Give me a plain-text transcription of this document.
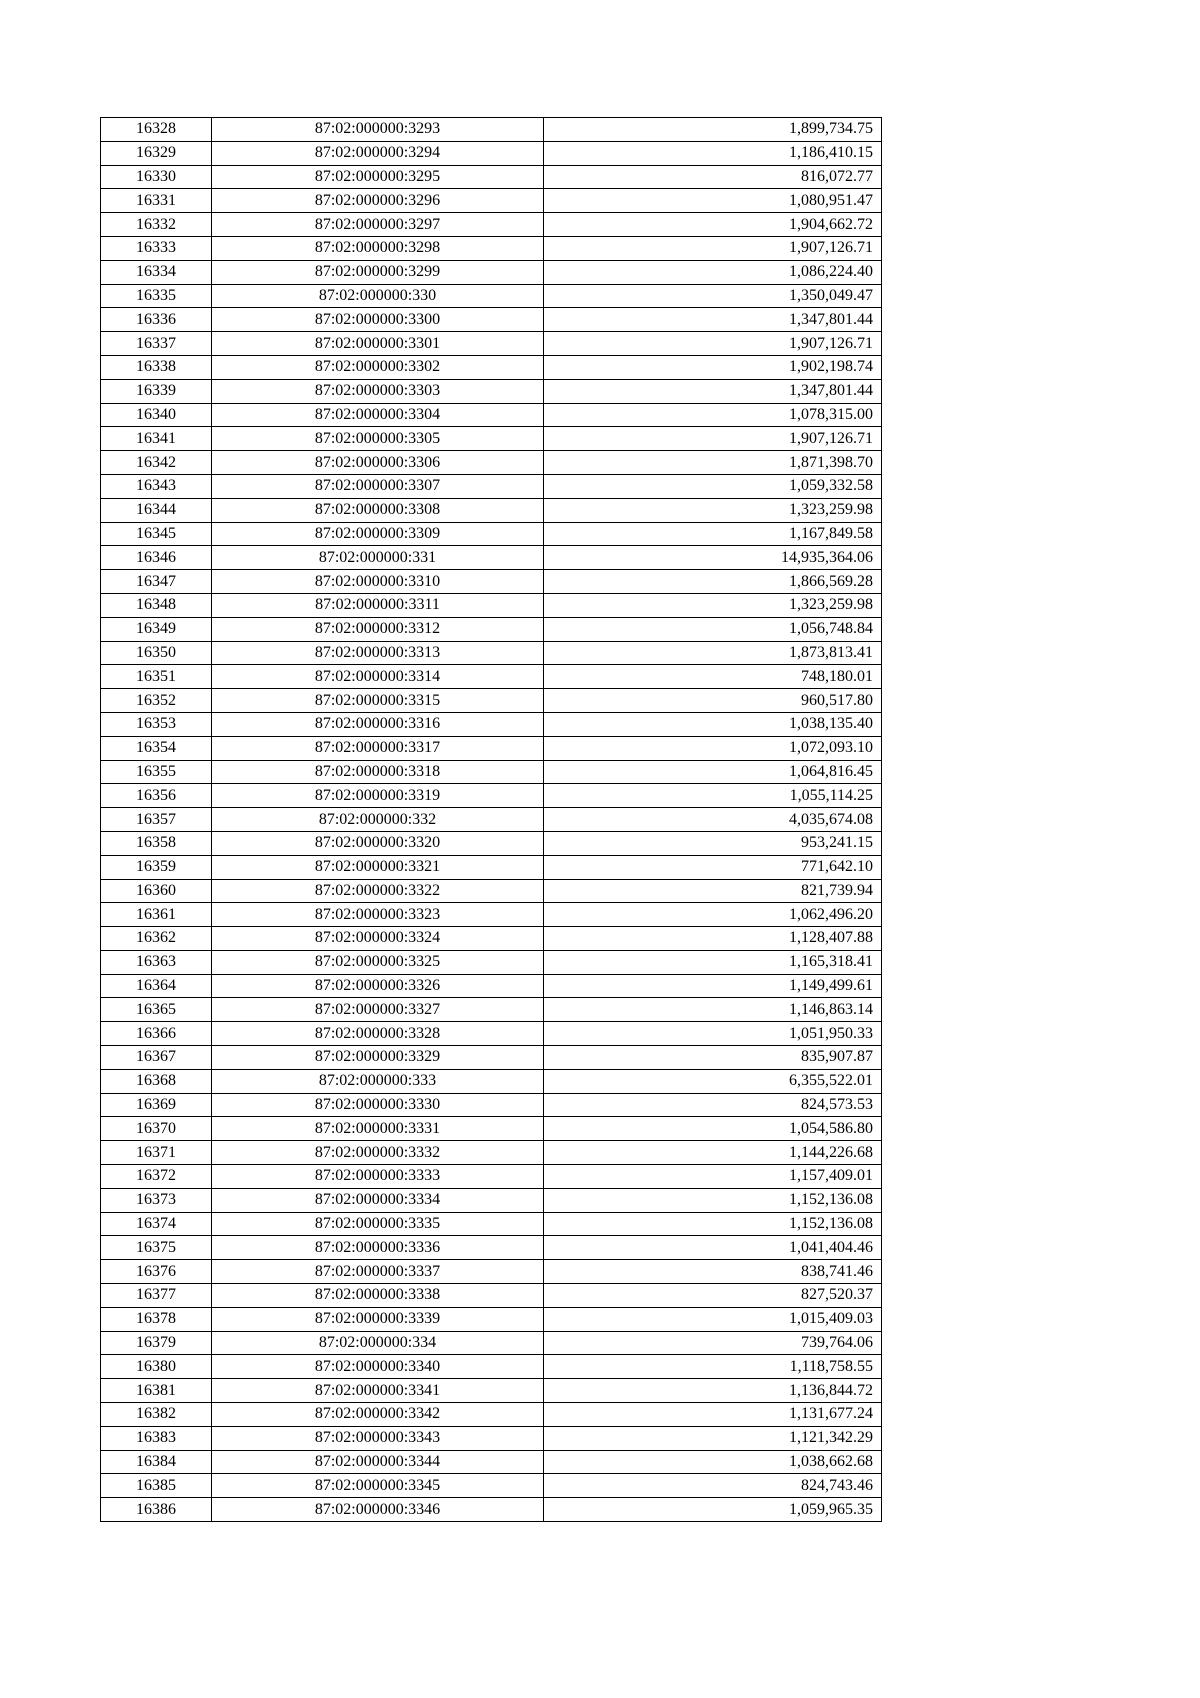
16328	87:02:000000:3293	1,899,734.75
16329	87:02:000000:3294	1,186,410.15
16330	87:02:000000:3295	816,072.77
16331	87:02:000000:3296	1,080,951.47
16332	87:02:000000:3297	1,904,662.72
16333	87:02:000000:3298	1,907,126.71
16334	87:02:000000:3299	1,086,224.40
16335	87:02:000000:330	1,350,049.47
16336	87:02:000000:3300	1,347,801.44
16337	87:02:000000:3301	1,907,126.71
16338	87:02:000000:3302	1,902,198.74
16339	87:02:000000:3303	1,347,801.44
16340	87:02:000000:3304	1,078,315.00
16341	87:02:000000:3305	1,907,126.71
16342	87:02:000000:3306	1,871,398.70
16343	87:02:000000:3307	1,059,332.58
16344	87:02:000000:3308	1,323,259.98
16345	87:02:000000:3309	1,167,849.58
16346	87:02:000000:331	14,935,364.06
16347	87:02:000000:3310	1,866,569.28
16348	87:02:000000:3311	1,323,259.98
16349	87:02:000000:3312	1,056,748.84
16350	87:02:000000:3313	1,873,813.41
16351	87:02:000000:3314	748,180.01
16352	87:02:000000:3315	960,517.80
16353	87:02:000000:3316	1,038,135.40
16354	87:02:000000:3317	1,072,093.10
16355	87:02:000000:3318	1,064,816.45
16356	87:02:000000:3319	1,055,114.25
16357	87:02:000000:332	4,035,674.08
16358	87:02:000000:3320	953,241.15
16359	87:02:000000:3321	771,642.10
16360	87:02:000000:3322	821,739.94
16361	87:02:000000:3323	1,062,496.20
16362	87:02:000000:3324	1,128,407.88
16363	87:02:000000:3325	1,165,318.41
16364	87:02:000000:3326	1,149,499.61
16365	87:02:000000:3327	1,146,863.14
16366	87:02:000000:3328	1,051,950.33
16367	87:02:000000:3329	835,907.87
16368	87:02:000000:333	6,355,522.01
16369	87:02:000000:3330	824,573.53
16370	87:02:000000:3331	1,054,586.80
16371	87:02:000000:3332	1,144,226.68
16372	87:02:000000:3333	1,157,409.01
16373	87:02:000000:3334	1,152,136.08
16374	87:02:000000:3335	1,152,136.08
16375	87:02:000000:3336	1,041,404.46
16376	87:02:000000:3337	838,741.46
16377	87:02:000000:3338	827,520.37
16378	87:02:000000:3339	1,015,409.03
16379	87:02:000000:334	739,764.06
16380	87:02:000000:3340	1,118,758.55
16381	87:02:000000:3341	1,136,844.72
16382	87:02:000000:3342	1,131,677.24
16383	87:02:000000:3343	1,121,342.29
16384	87:02:000000:3344	1,038,662.68
16385	87:02:000000:3345	824,743.46
16386	87:02:000000:3346	1,059,965.35
